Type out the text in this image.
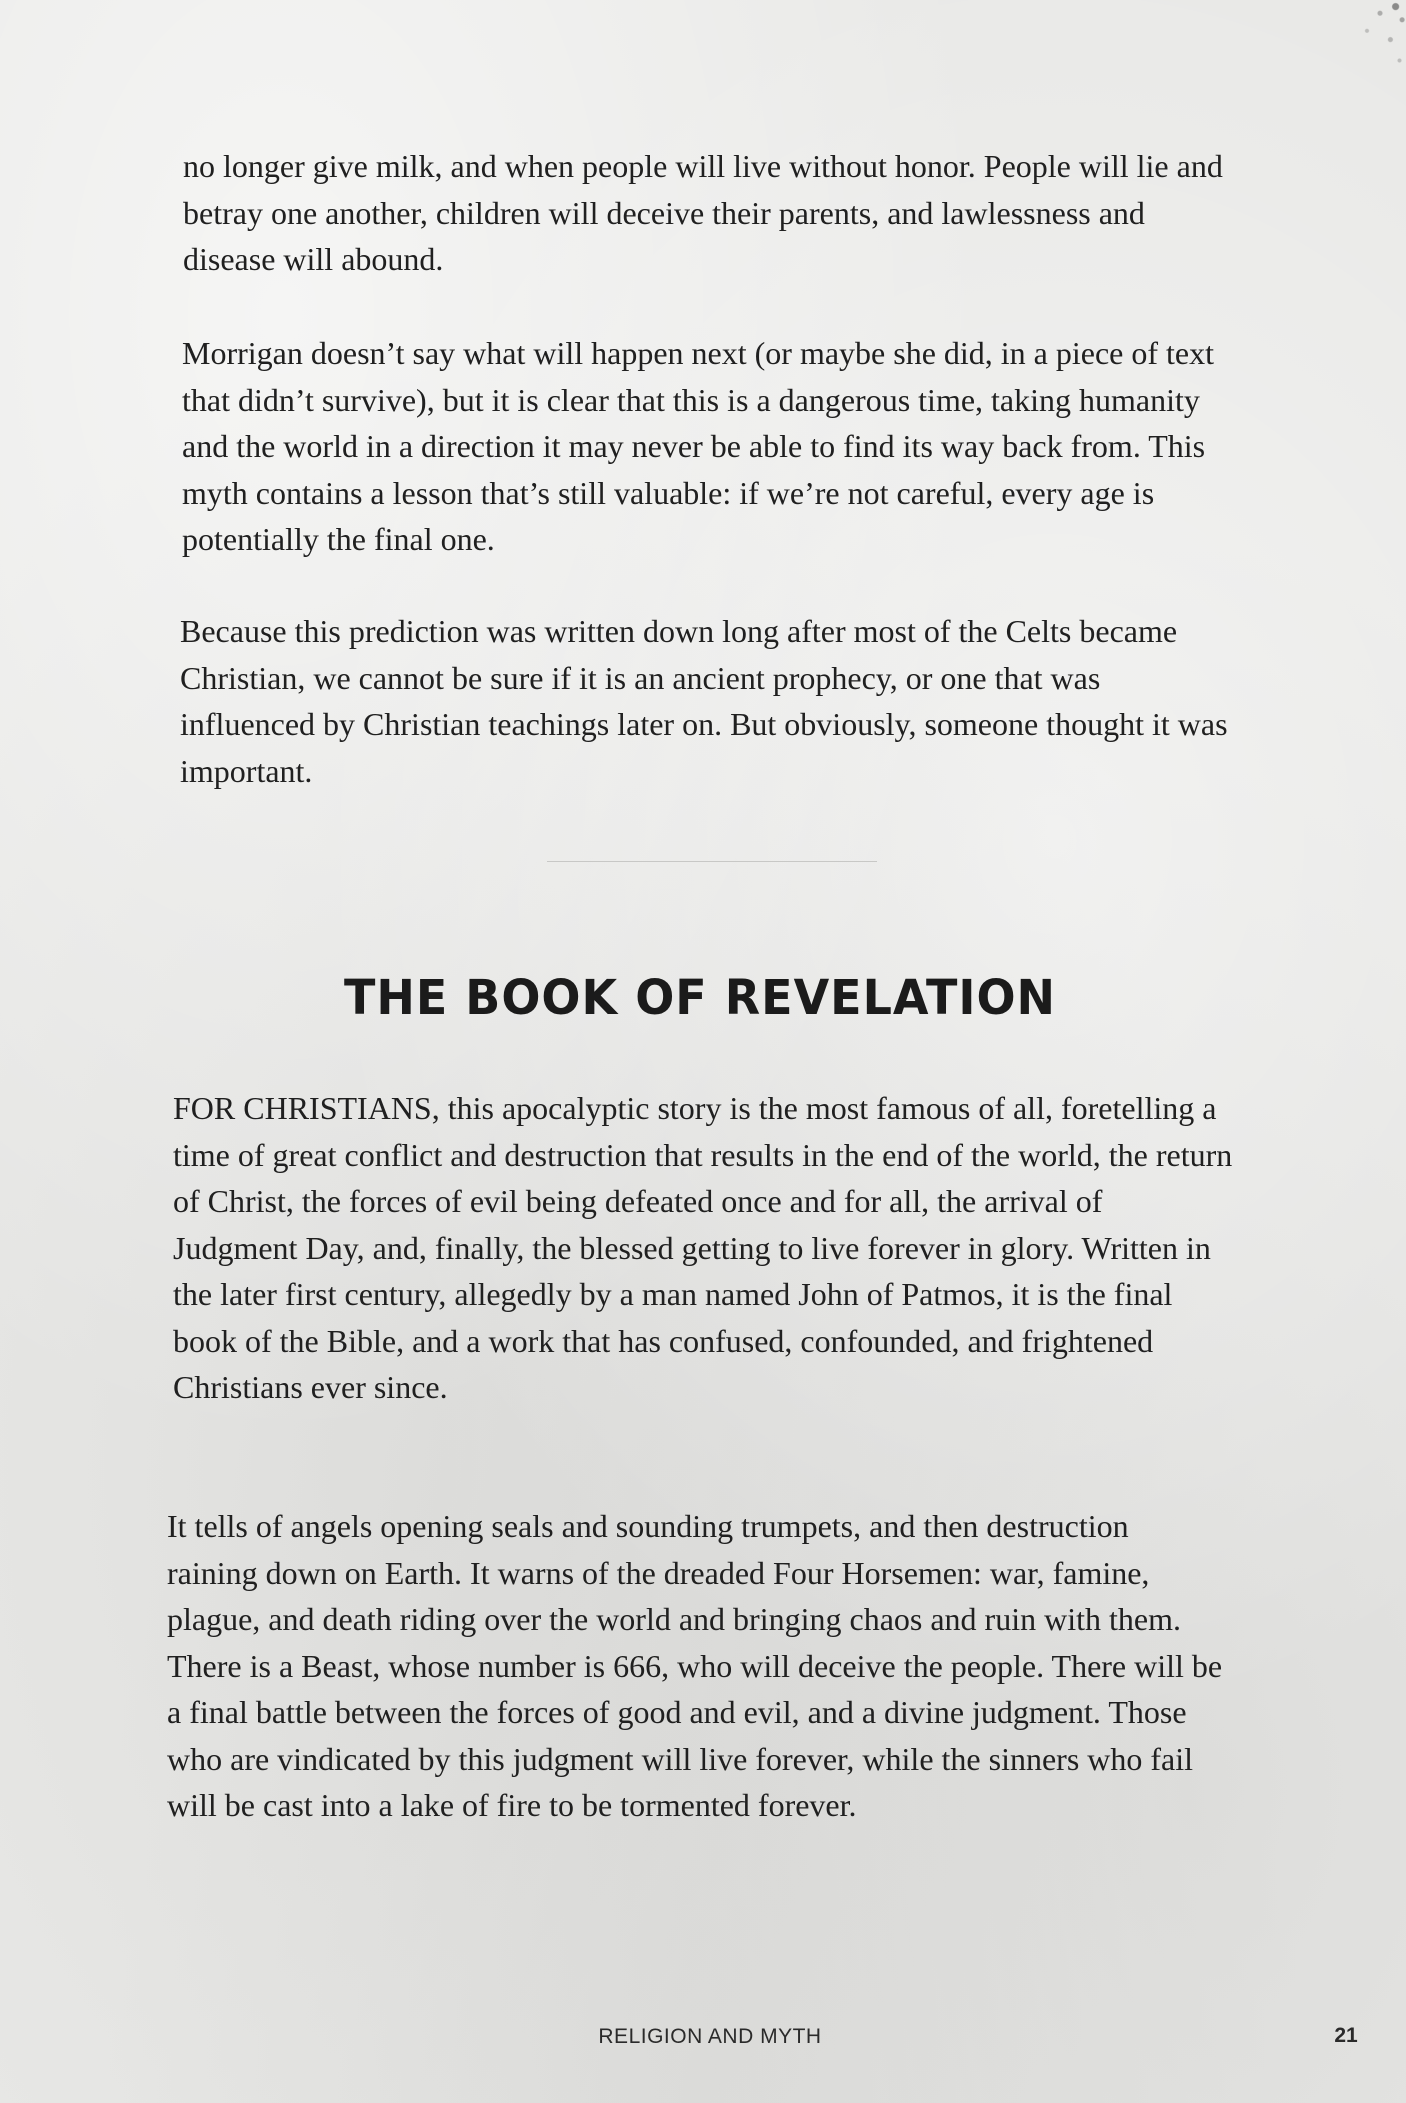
no longer give milk, and when people will live without honor. People will lie and betray one another, children will deceive their parents, and lawlessness and disease will abound.

Morrigan doesn’t say what will happen next (or maybe she did, in a piece of text that didn’t survive), but it is clear that this is a dangerous time, taking humanity and the world in a direction it may never be able to find its way back from. This myth contains a lesson that’s still valuable: if we’re not careful, every age is potentially the final one.

Because this prediction was written down long after most of the Celts became Christian, we cannot be sure if it is an ancient prophecy, or one that was influenced by Christian teachings later on. But obviously, someone thought it was important.

THE BOOK OF REVELATION

FOR CHRISTIANS, this apocalyptic story is the most famous of all, foretelling a time of great conflict and destruction that results in the end of the world, the return of Christ, the forces of evil being defeated once and for all, the arrival of Judgment Day, and, finally, the blessed getting to live forever in glory. Written in the later first century, allegedly by a man named John of Patmos, it is the final book of the Bible, and a work that has confused, confounded, and frightened Christians ever since.

It tells of angels opening seals and sounding trumpets, and then destruction raining down on Earth. It warns of the dreaded Four Horsemen: war, famine, plague, and death riding over the world and bringing chaos and ruin with them. There is a Beast, whose number is 666, who will deceive the people. There will be a final battle between the forces of good and evil, and a divine judgment. Those who are vindicated by this judgment will live forever, while the sinners who fail will be cast into a lake of fire to be tormented forever.

RELIGION AND MYTH	21
